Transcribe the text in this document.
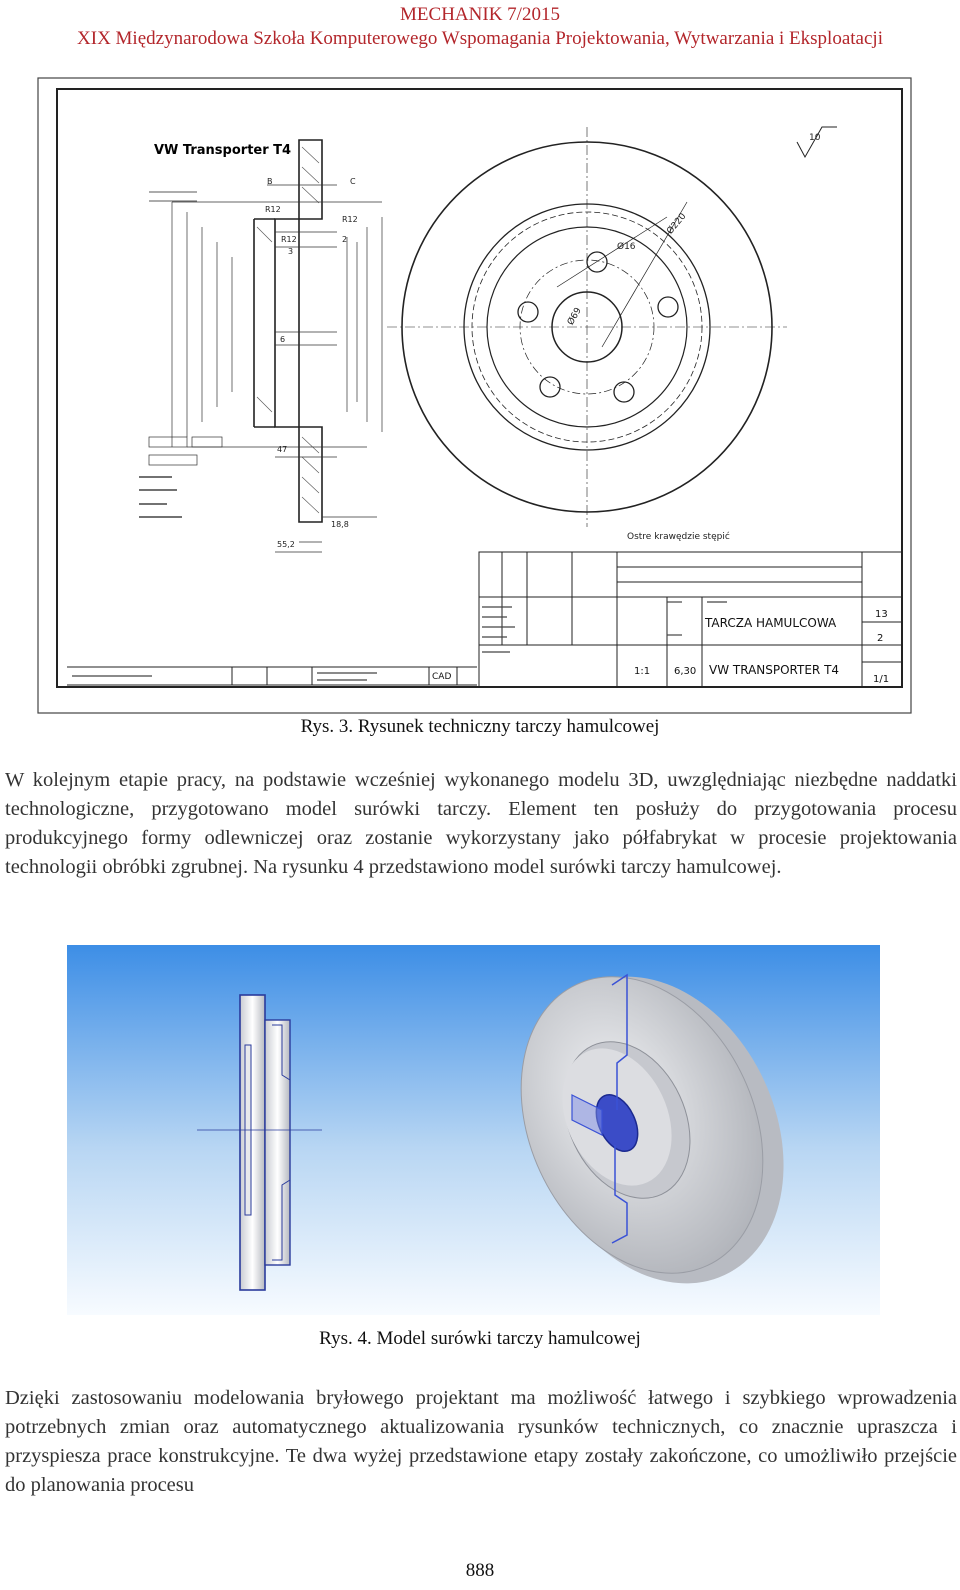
MECHANIK 7/2015
XIX Międzynarodowa Szkoła Komputerowego Wspomagania Projektowania, Wytwarzania i Eksploatacji
VW Transporter T4
B	C
R12
R12
R12
3
2
6
47
18,8
55,2
Ø220
Ø16
Ø69
10
Ostre krawędzie stępić
TARCZA HAMULCOWA
VW TRANSPORTER T4
1:1 6,30
13
2
1/1
CAD
Rys. 3. Rysunek techniczny tarczy hamulcowej
W kolejnym etapie pracy, na podstawie wcześniej wykonanego modelu 3D, uwzględniając niezbędne naddatki technologiczne, przygotowano model surówki tarczy. Element ten posłuży do przygotowania procesu produkcyjnego formy odlewniczej oraz zostanie wykorzystany jako półfabrykat w procesie projektowania technologii obróbki zgrubnej. Na rysunku 4 przedstawiono model surówki tarczy hamulcowej.
Rys. 4. Model surówki tarczy hamulcowej
Dzięki zastosowaniu modelowania bryłowego projektant ma możliwość łatwego i szybkiego wprowadzenia potrzebnych zmian oraz automatycznego aktualizowania rysunków technicznych, co znacznie upraszcza i przyspiesza prace konstrukcyjne. Te dwa wyżej przedstawione etapy zostały zakończone, co umożliwiło przejście do planowania procesu
888
